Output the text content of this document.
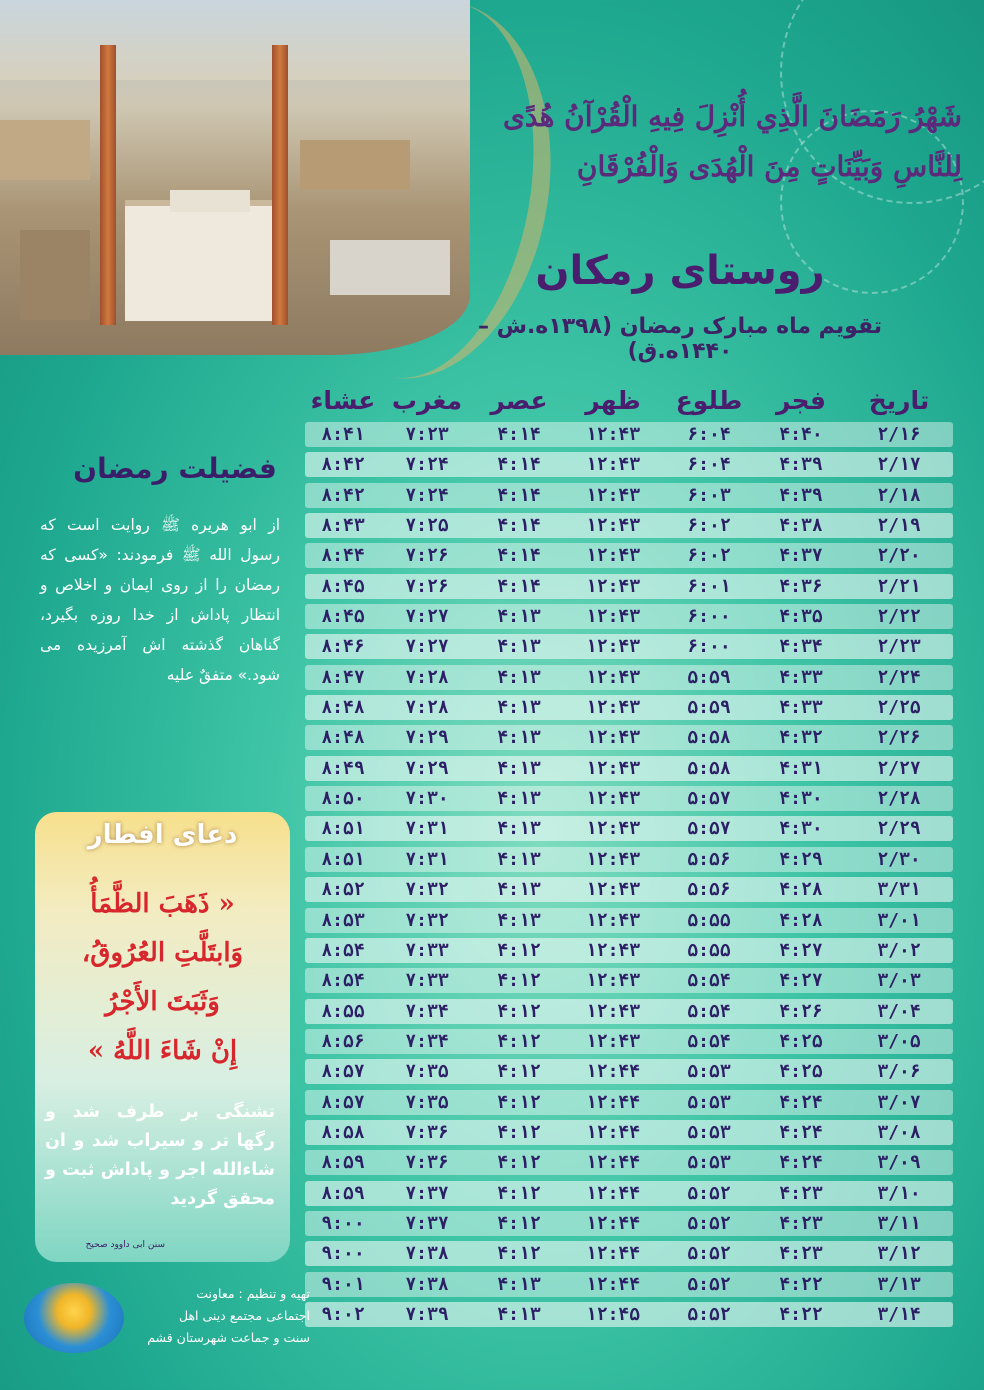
شَهْرُ رَمَضَانَ الَّذِي أُنْزِلَ فِيهِ الْقُرْآنُ هُدًى
لِلنَّاسِ وَبَيِّنَاتٍ مِنَ الْهُدَى وَالْفُرْقَانِ
روستای رمکان
تقویم ماه مبارک رمضان (۱۳۹۸ه.ش – ۱۴۴۰ه.ق)
تاریخ
فجر
طلوع
ظهر
عصر
مغرب
عشاء
۲/۱۶
۴:۴۰
۶:۰۴
۱۲:۴۳
۴:۱۴
۷:۲۳
۸:۴۱
۲/۱۷
۴:۳۹
۶:۰۴
۱۲:۴۳
۴:۱۴
۷:۲۴
۸:۴۲
۲/۱۸
۴:۳۹
۶:۰۳
۱۲:۴۳
۴:۱۴
۷:۲۴
۸:۴۲
۲/۱۹
۴:۳۸
۶:۰۲
۱۲:۴۳
۴:۱۴
۷:۲۵
۸:۴۳
۲/۲۰
۴:۳۷
۶:۰۲
۱۲:۴۳
۴:۱۴
۷:۲۶
۸:۴۴
۲/۲۱
۴:۳۶
۶:۰۱
۱۲:۴۳
۴:۱۴
۷:۲۶
۸:۴۵
۲/۲۲
۴:۳۵
۶:۰۰
۱۲:۴۳
۴:۱۳
۷:۲۷
۸:۴۵
۲/۲۳
۴:۳۴
۶:۰۰
۱۲:۴۳
۴:۱۳
۷:۲۷
۸:۴۶
۲/۲۴
۴:۳۳
۵:۵۹
۱۲:۴۳
۴:۱۳
۷:۲۸
۸:۴۷
۲/۲۵
۴:۳۳
۵:۵۹
۱۲:۴۳
۴:۱۳
۷:۲۸
۸:۴۸
۲/۲۶
۴:۳۲
۵:۵۸
۱۲:۴۳
۴:۱۳
۷:۲۹
۸:۴۸
۲/۲۷
۴:۳۱
۵:۵۸
۱۲:۴۳
۴:۱۳
۷:۲۹
۸:۴۹
۲/۲۸
۴:۳۰
۵:۵۷
۱۲:۴۳
۴:۱۳
۷:۳۰
۸:۵۰
۲/۲۹
۴:۳۰
۵:۵۷
۱۲:۴۳
۴:۱۳
۷:۳۱
۸:۵۱
۲/۳۰
۴:۲۹
۵:۵۶
۱۲:۴۳
۴:۱۳
۷:۳۱
۸:۵۱
۳/۳۱
۴:۲۸
۵:۵۶
۱۲:۴۳
۴:۱۳
۷:۳۲
۸:۵۲
۳/۰۱
۴:۲۸
۵:۵۵
۱۲:۴۳
۴:۱۳
۷:۳۲
۸:۵۳
۳/۰۲
۴:۲۷
۵:۵۵
۱۲:۴۳
۴:۱۲
۷:۳۳
۸:۵۴
۳/۰۳
۴:۲۷
۵:۵۴
۱۲:۴۳
۴:۱۲
۷:۳۳
۸:۵۴
۳/۰۴
۴:۲۶
۵:۵۴
۱۲:۴۳
۴:۱۲
۷:۳۴
۸:۵۵
۳/۰۵
۴:۲۵
۵:۵۴
۱۲:۴۳
۴:۱۲
۷:۳۴
۸:۵۶
۳/۰۶
۴:۲۵
۵:۵۳
۱۲:۴۴
۴:۱۲
۷:۳۵
۸:۵۷
۳/۰۷
۴:۲۴
۵:۵۳
۱۲:۴۴
۴:۱۲
۷:۳۵
۸:۵۷
۳/۰۸
۴:۲۴
۵:۵۳
۱۲:۴۴
۴:۱۲
۷:۳۶
۸:۵۸
۳/۰۹
۴:۲۴
۵:۵۳
۱۲:۴۴
۴:۱۲
۷:۳۶
۸:۵۹
۳/۱۰
۴:۲۳
۵:۵۲
۱۲:۴۴
۴:۱۲
۷:۳۷
۸:۵۹
۳/۱۱
۴:۲۳
۵:۵۲
۱۲:۴۴
۴:۱۲
۷:۳۷
۹:۰۰
۳/۱۲
۴:۲۳
۵:۵۲
۱۲:۴۴
۴:۱۲
۷:۳۸
۹:۰۰
۳/۱۳
۴:۲۲
۵:۵۲
۱۲:۴۴
۴:۱۳
۷:۳۸
۹:۰۱
۳/۱۴
۴:۲۲
۵:۵۲
۱۲:۴۵
۴:۱۳
۷:۳۹
۹:۰۲
فضیلت رمضان
از ابو هریره ﷺ روایت است که رسول الله ﷺ فرمودند: «کسی که رمضان را از روی ایمان و اخلاص و انتظار پاداش از خدا روزه بگیرد، گناهان گذشته اش آمرزیده می شود.» متفقٌ علیه
دعای افطار
« ذَهَبَ الظَّمَأُ
وَابتَلَّتِ العُرُوقُ،
وَثَبَتَ الأَجْرُ
إِنْ شَاءَ اللَّهُ »
تشنگی بر طرف شد و رگها تر و سیراب شد و ان شاءالله اجر و پاداش ثبت و محقق گردید
سنن ابی داوود صحیح
تهیه و تنظیم : معاونت
اجتماعی مجتمع دینی اهل
سنت و جماعت شهرستان قشم
